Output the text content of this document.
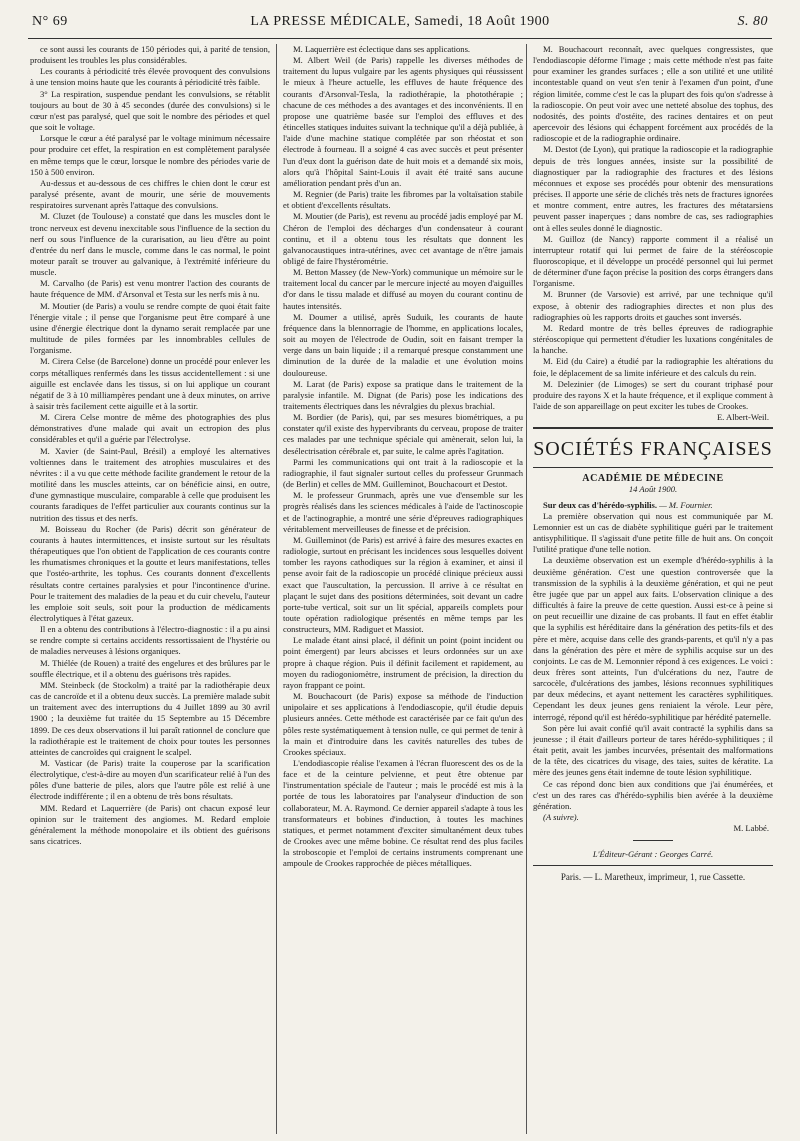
N° 69	LA PRESSE MÉDICALE, Samedi, 18 Août 1900	S. 80

ce sont aussi les courants de 150 périodes qui, à parité de tension, produisent les troubles les plus considérables.

Les courants à périodicité très élevée provoquent des convulsions à une tension moins haute que les courants à périodicité très faible.

3° La respiration, suspendue pendant les convulsions, se rétablit toujours au bout de 30 à 45 secondes (durée des convulsions) si le cœur n'est pas paralysé, quel que soit le nombre des périodes et quel que soit le voltage.

Lorsque le cœur a été paralysé par le voltage minimum nécessaire pour produire cet effet, la respiration en est complètement paralysée en même temps que le cœur, lorsque le nombre des périodes varie de 150 à 500 environ.

Au-dessus et au-dessous de ces chiffres le chien dont le cœur est paralysé présente, avant de mourir, une série de mouvements respiratoires survenant après l'attaque des convulsions.

M. Cluzet (de Toulouse) a constaté que dans les muscles dont le tronc nerveux est devenu inexcitable sous l'influence de la section du nerf ou sous l'influence de la curarisation, au lieu d'être au point d'entrée du nerf dans le muscle, comme dans le cas normal, le point moteur paraît se trouver au galvanique, à l'extrémité inférieure du muscle.

M. Carvalho (de Paris) est venu montrer l'action des courants de haute fréquence de MM. d'Arsonval et Testa sur les nerfs mis à nu.

M. Moutier (de Paris) a voulu se rendre compte de quoi était faite l'énergie vitale ; il pense que l'organisme peut être comparé à une usine d'énergie électrique dont la dynamo serait remplacée par une multitude de piles formées par les innombrables cellules de l'organisme.

M. Cirera Celse (de Barcelone) donne un procédé pour enlever les corps métalliques renfermés dans les tissus accidentellement : si une aiguille est enclavée dans les tissus, si on lui applique un courant négatif de 3 à 10 milliampères pendant une à deux minutes, on arrive à saisir très facilement cette aiguille et à la sortir.

M. Cirera Celse montre de même des photographies des plus démonstratives d'une malade qui avait un ectropion des plus considérables et qu'il a guérie par l'électrolyse.

M. Xavier (de Saint-Paul, Brésil) a employé les alternatives voltiennes dans le traitement des atrophies musculaires et des névrites : il a vu que cette méthode facilite grandement le retour de la motilité dans les muscles atteints, car on bénéficie ainsi, en outre, d'une gymnastique musculaire, comparable à celle que produisent les courants faradiques de l'effet particulier aux courants continus sur la nutrition des tissus et des nerfs.

M. Boisseau du Rocher (de Paris) décrit son générateur de courants à hautes intermittences, et insiste surtout sur les résultats thérapeutiques que l'on obtient de l'application de ces courants contre les rhumatismes chroniques et la goutte et leurs manifestations, telles que l'ostéo-arthrite, les tophus. Ces courants donnent d'excellents résultats contre certaines paralysies et pour l'incontinence d'urine. Pour le traitement des maladies de la peau et du cuir chevelu, l'auteur les emploie soit seuls, soit pour la production de médicaments électrolytiques à l'état gazeux.

Il en a obtenu des contributions à l'électro-diagnostic : il a pu ainsi se rendre compte si certains accidents ressortissaient de l'hystérie ou de maladies nerveuses à lésions organiques.

M. Thiélée (de Rouen) a traité des engelures et des brûlures par le souffle électrique, et il a obtenu des guérisons très rapides.

MM. Steinbeck (de Stockolm) a traité par la radiothérapie deux cas de cancroïde et il a obtenu deux succès. La première malade subit un traitement avec des interruptions du 4 Juillet 1899 au 30 avril 1900 ; la deuxième fut traitée du 15 Septembre au 15 Décembre 1899. De ces deux observations il lui paraît rationnel de conclure que la radiothérapie est le traitement de choix pour toutes les personnes atteintes de cancroïdes qui craignent le scalpel.

M. Vasticar (de Paris) traite la couperose par la scarification électrolytique, c'est-à-dire au moyen d'un scarificateur relié à l'un des pôles d'une batterie de piles, alors que l'autre pôle est relié à une électrode indifférente ; il en a obtenu de très bons résultats.

MM. Redard et Laquerrière (de Paris) ont chacun exposé leur opinion sur le traitement des angiomes. M. Redard emploie généralement la méthode monopolaire et ils obtient des guérisons sans cicatrices.

M. Laquerrière est éclectique dans ses applications.

M. Albert Weil (de Paris) rappelle les diverses méthodes de traitement du lupus vulgaire par les agents physiques qui réussissent le mieux à l'heure actuelle, les effluves de haute fréquence des courants d'Arsonval-Tesla, la radiothérapie, la photothérapie ; chacune de ces méthodes a des avantages et des inconvénients. Il en propose une quatrième basée sur l'emploi des effluves et des étincelles statiques induites suivant la technique qu'il a déjà publiée, à l'aide d'une machine statique complétée par son rhéostat et son électrode à fourneau. Il a soigné 4 cas avec succès et peut présenter l'un d'eux dont la guérison date de huit mois et a demandé six mois, alors qu'à l'hôpital Saint-Louis il avait été traité sans aucune amélioration pendant près d'un an.

M. Regnier (de Paris) traite les fibromes par la voltaïsation stabile et obtient d'excellents résultats.

M. Moutier (de Paris), est revenu au procédé jadis employé par M. Chéron de l'emploi des décharges d'un condensateur à courant continu, et il a obtenu tous les résultats que donnent les galvanocaustiques intra-utérines, avec cet avantage de n'être jamais obligé de faire l'hystérométrie.

M. Betton Massey (de New-York) communique un mémoire sur le traitement local du cancer par le mercure injecté au moyen d'aiguilles d'or dans le tissu malade et diffusé au moyen du courant continu de hautes intensités.

M. Doumer a utilisé, après Suduik, les courants de haute fréquence dans la blennorragie de l'homme, en applications locales, soit au moyen de l'électrode de Oudin, soit en faisant tremper la verge dans un bain liquide ; il a remarqué presque constamment une diminution de la durée de la maladie et une évolution moins douloureuse.

M. Larat (de Paris) expose sa pratique dans le traitement de la paralysie infantile. M. Dignat (de Paris) pose les indications des traitements électriques dans les névralgies du plexus brachial.

M. Bordier (de Paris), qui, par ses mesures biométriques, a pu constater qu'il existe des hypervibrants du cerveau, propose de traiter ces malades par une technique spéciale qui amènerait, selon lui, la desélectrisation cérébrale et, par suite, le calme après l'agitation.

Parmi les communications qui ont trait à la radioscopie et la radiographie, il faut signaler surtout celles du professeur Grunmach (de Berlin) et celles de MM. Guilleminot, Bouchacourt et Destot.

M. le professeur Grunmach, après une vue d'ensemble sur les progrès réalisés dans les sciences médicales à l'aide de l'actinoscopie et de l'actinographie, a montré une série d'épreuves radiographiques véritablement merveilleuses de finesse et de précision.

M. Guilleminot (de Paris) est arrivé à faire des mesures exactes en radiologie, surtout en précisant les incidences sous lesquelles doivent tomber les rayons cathodiques sur la région à examiner, et ainsi il pense avoir fait de la radioscopie un procédé clinique précieux aussi exact que l'auscultation, la percussion. Il arrive à ce résultat en plaçant le sujet dans des positions déterminées, soit devant un cadre porte-tube vertical, soit sur un lit spécial, appareils complets pour toute opération radiologique présentés en même temps par les constructeurs, MM. Radiguet et Massiot.

Le malade étant ainsi placé, il définit un point (point incident ou point émergent) par leurs abcisses et leurs ordonnées sur un axe propre à chaque région. Puis il définit facilement et rapidement, au moyen du radiogoniomètre, instrument de précision, la direction du rayon frappant ce point.

M. Bouchacourt (de Paris) expose sa méthode de l'induction unipolaire et ses applications à l'endodiascopie, qu'il étudie depuis plusieurs années. Cette méthode est caractérisée par ce fait qu'un des pôles reste systématiquement à tension nulle, ce qui permet de tenir à la main et d'introduire dans les cavités naturelles des tubes de Crookes spéciaux.

L'endodiascopie réalise l'examen à l'écran fluorescent des os de la face et de la ceinture pelvienne, et peut être obtenue par l'instrumentation spéciale de l'auteur ; mais le procédé est mis à la portée de tous les laboratoires par l'analyseur d'induction de son collaborateur, M. A. Raymond. Ce dernier appareil s'adapte à tous les transformateurs et bobines d'induction, à toutes les machines statiques, et permet notamment d'exciter simultanément deux tubes de Crookes avec une même bobine. Ce résultat rend des plus faciles la stroboscopie et l'emploi de certains instruments comprenant une ampoule de Crookes rapprochée de pièces métalliques.

M. Bouchacourt reconnaît, avec quelques congressistes, que l'endodiascopie déforme l'image ; mais cette méthode n'est pas faite pour examiner les grandes surfaces ; elle a son utilité et une utilité incontestable quand on veut s'en tenir à l'examen d'un point, d'une région limitée, comme c'est le cas la plupart des fois qu'on s'adresse à la radioscopie. On peut voir avec une netteté absolue des tophus, des nodosités, des points d'ostéite, des racines dentaires et on peut apercevoir des lésions qui échappent forcément aux procédés de la radioscopie et de la radiographie ordinaire.

M. Destot (de Lyon), qui pratique la radioscopie et la radiographie depuis de très longues années, insiste sur la possibilité de diagnostiquer par la radiographie des fractures et des lésions méconnues et expose ses procédés pour obtenir des mensurations précises. Il apporte une série de clichés très nets de fractures ignorées et montre comment, entre autres, les fractures des métatarsiens peuvent passer inaperçues ; dans nombre de cas, ses radiographies ont à elles seules donné le diagnostic.

M. Guilloz (de Nancy) rapporte comment il a réalisé un interrupteur rotatif qui lui permet de faire de la stéréoscopie fluoroscopique, et il développe un procédé personnel qui lui permet de déterminer d'une façon précise la position des corps étrangers dans l'organisme.

M. Brunner (de Varsovie) est arrivé, par une technique qu'il expose, à obtenir des radiographies directes et non plus des radiographies où les rapports droits et gauches sont inversés.

M. Redard montre de très belles épreuves de radiographie stéréoscopique qui permettent d'étudier les luxations congénitales de la hanche.

M. Eid (du Caire) a étudié par la radiographie les altérations du foie, le déplacement de sa limite inférieure et des calculs du rein.

M. Delezinier (de Limoges) se sert du courant triphasé pour produire des rayons X et la haute fréquence, et il explique comment à l'aide de son appareillage on peut exciter les tubes de Crookes.

E. Albert-Weil.

SOCIÉTÉS FRANÇAISES
ACADÉMIE DE MÉDECINE
14 Août 1900.

Sur deux cas d'hérédo-syphilis. — M. Fournier.

La première observation qui nous est communiquée par M. Lemonnier est un cas de diabète syphilitique guéri par le traitement antisyphilitique. Il s'agissait d'une petite fille de huit ans. On conçoit l'utilité pratique d'une telle notion.

La deuxième observation est un exemple d'hérédo-syphilis à la deuxième génération. C'est une question controversée que la transmission de la syphilis à la deuxième génération, et qui ne peut être jugée que par un appel aux faits. L'observation clinique a des difficultés à faire la preuve de cette question. Aussi est-ce à peine si on peut recueillir une dizaine de cas probants. Il faut en effet établir que la syphilis est héréditaire dans la génération des petits-fils et des père et mère, acquise dans celle des grands-parents, et qu'il n'y a pas dans la génération des père et mère de syphilis acquise sur un des conjoints. Le cas de M. Lemonnier répond à ces exigences. Le voici : deux frères sont atteints, l'un d'ulcérations du nez, l'autre de sarcocèle, d'ulcérations des jambes, lésions reconnues syphilitiques par deux médecins, et ayant nettement les caractères syphilitiques. Cependant les deux jeunes gens reniaient la vérole. Leur père, interrogé, répond qu'il est hérédo-syphilitique par hérédité paternelle.

Son père lui avait confié qu'il avait contracté la syphilis dans sa jeunesse ; il était d'ailleurs porteur de tares hérédo-syphilitiques ; il était petit, avait les jambes incurvées, présentait des malformations de la tête, des cicatrices du visage, des taies, suites de kératite. La mère des jeunes gens était indemne de toute lésion syphilitique.

Ce cas répond donc bien aux conditions que j'ai énumérées, et c'est un des rares cas d'hérédo-syphilis bien avérée à la deuxième génération.

(A suivre).

M. Labbé.

L'Éditeur-Gérant : Georges Carré.
Paris. — L. Maretheux, imprimeur, 1, rue Cassette.
